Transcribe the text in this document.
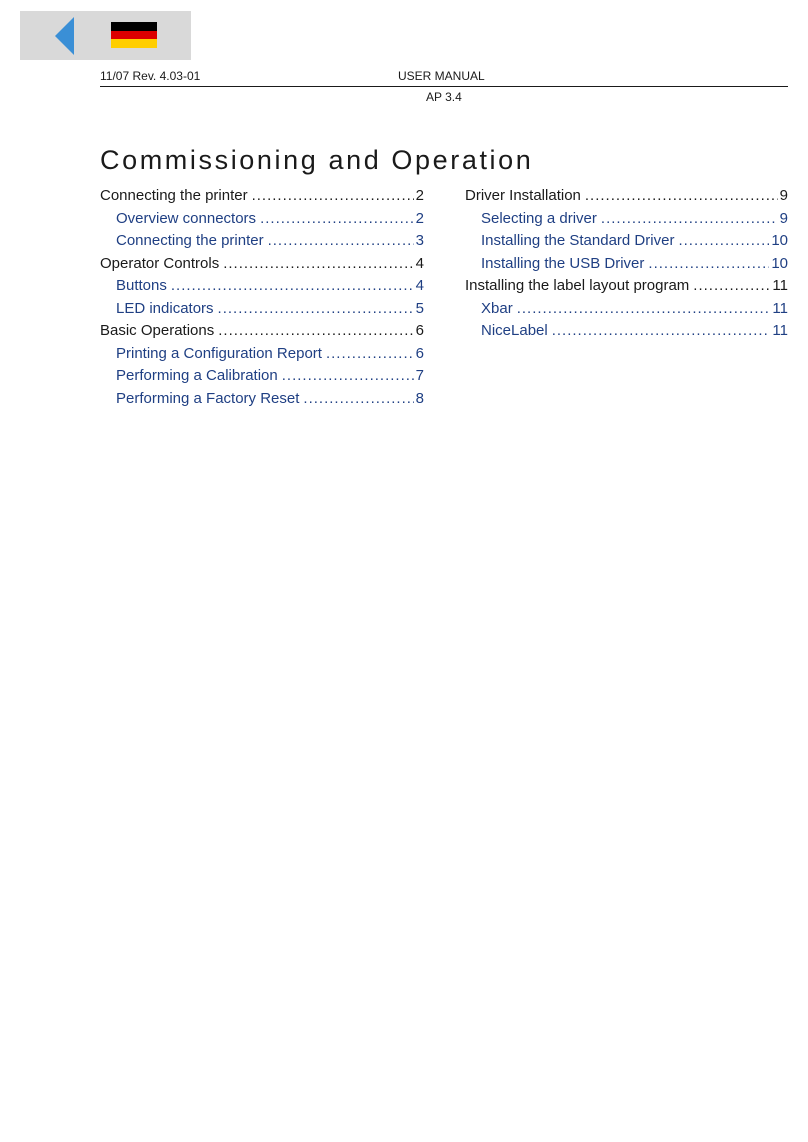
11/07 Rev. 4.03-01	USER MANUAL
AP 3.4
Commissioning and Operation
Connecting the printer .....	2
Overview connectors .....	2
Connecting the printer .....	3
Operator Controls .....	4
Buttons .....	4
LED indicators .....	5
Basic Operations .....	6
Printing a Configuration Report .....	6
Performing a Calibration .....	7
Performing a Factory Reset .....	8
Driver Installation .....	9
Selecting a driver .....	9
Installing the Standard Driver .....	10
Installing the USB Driver .....	10
Installing the label layout program .....	11
Xbar .....	11
NiceLabel .....	11
